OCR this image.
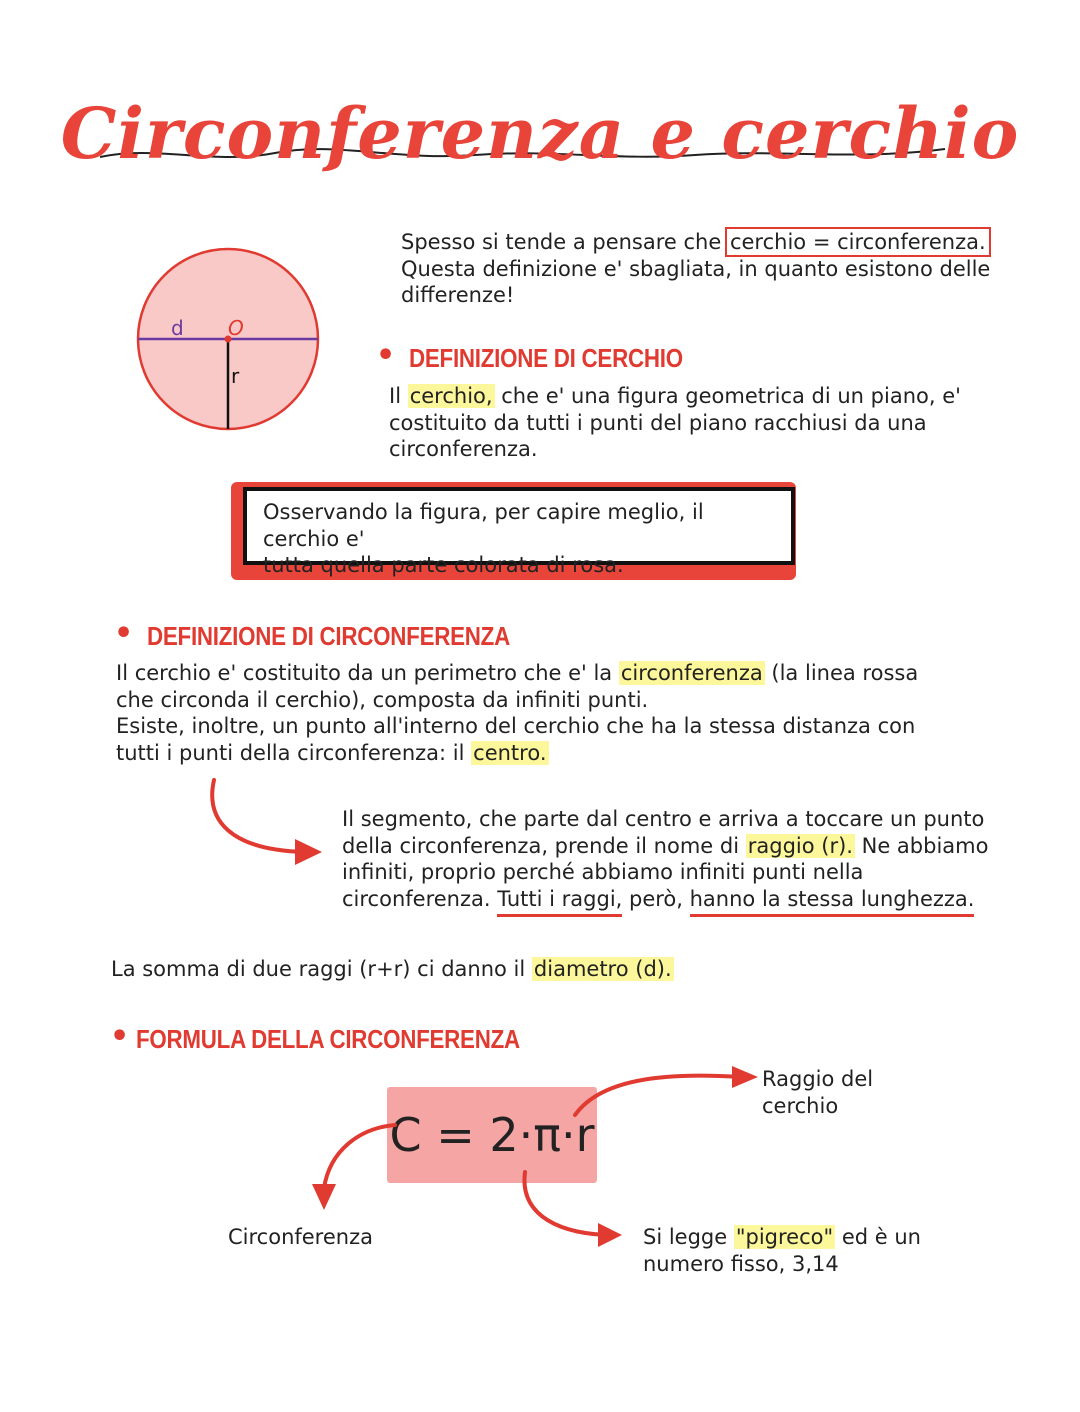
Circonferenza e cerchio
d O
r
Spesso si tende a pensare che cerchio = circonferenza.
Questa definizione e' sbagliata, in quanto esistono delle
differenze!
• DEFINIZIONE DI CERCHIO
Il cerchio, che e' una figura geometrica di un piano, e'
costituito da tutti i punti del piano racchiusi da una
circonferenza.
Osservando la figura, per capire meglio, il cerchio e'
tutta quella parte colorata di rosa.
• DEFINIZIONE DI CIRCONFERENZA
Il cerchio e' costituito da un perimetro che e' la circonferenza (la linea rossa
che circonda il cerchio), composta da infiniti punti.
Esiste, inoltre, un punto all'interno del cerchio che ha la stessa distanza con
tutti i punti della circonferenza: il centro.
Il segmento, che parte dal centro e arriva a toccare un punto
della circonferenza, prende il nome di raggio (r). Ne abbiamo
infiniti, proprio perché abbiamo infiniti punti nella
circonferenza. Tutti i raggi, però, hanno la stessa lunghezza.
La somma di due raggi (r+r) ci danno il diametro (d).
• FORMULA DELLA CIRCONFERENZA
C = 2·π·r
Raggio del
cerchio
Circonferenza	Si legge "pigreco" ed è un
numero fisso, 3,14
